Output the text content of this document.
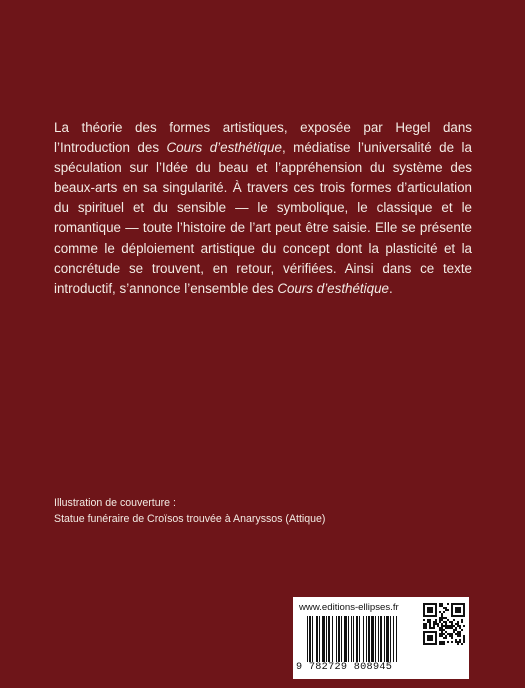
La théorie des formes artistiques, exposée par Hegel dans l’Introduction des Cours d’esthétique, médiatise l’universalité de la spéculation sur l’Idée du beau et l’appréhension du système des beaux-arts en sa singularité. À travers ces trois formes d’articulation du spirituel et du sensible — le symbolique, le classique et le romantique — toute l’histoire de l’art peut être saisie. Elle se présente comme le déploiement artistique du concept dont la plasticité et la concrétude se trouvent, en retour, vérifiées. Ainsi dans ce texte introductif, s’annonce l’ensemble des Cours d’esthétique.

Illustration de couverture :
Statue funéraire de Croïsos trouvée à Anaryssos (Attique)
www.editions-ellipses.fr
9 782729 808945
